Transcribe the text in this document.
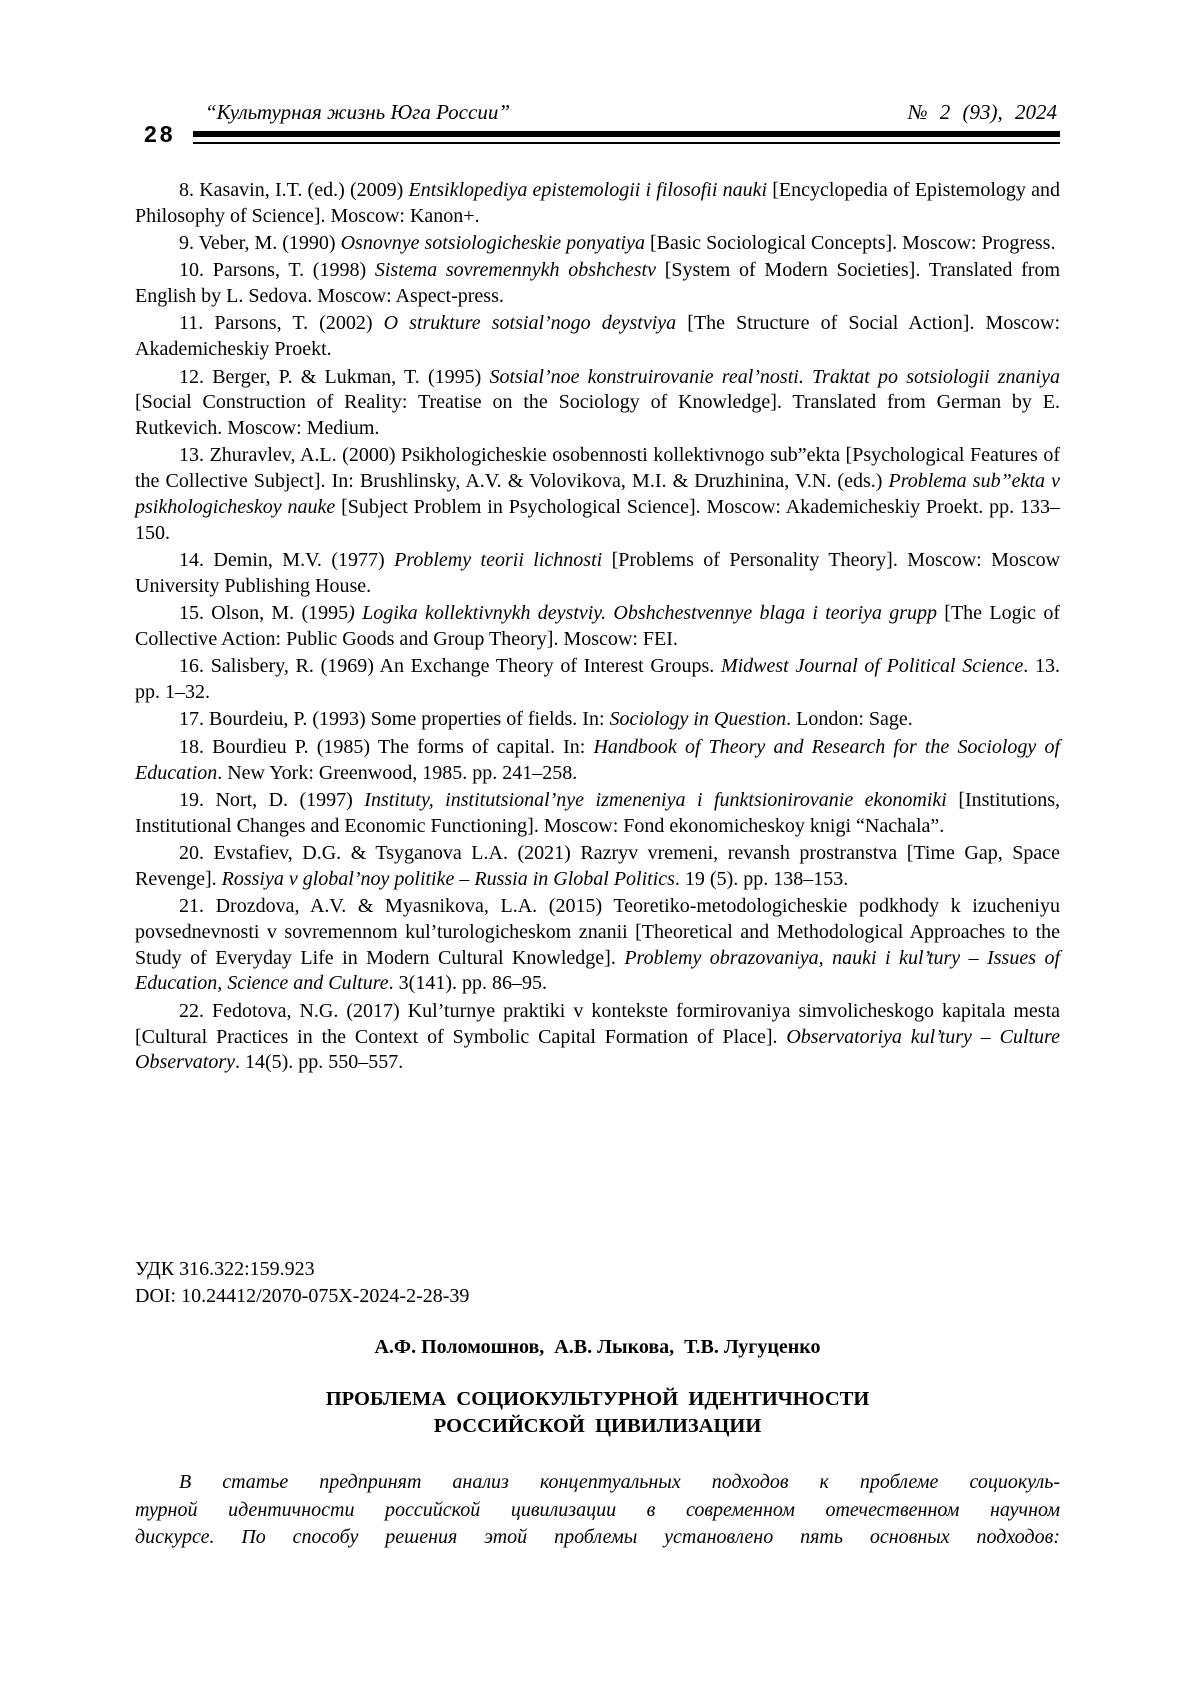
28
“Культурная жизнь Юга России”	№ 2 (93), 2024

8. Kasavin, I.T. (ed.) (2009) Entsiklopediya epistemologii i filosofii nauki [Encyclopedia of Epistemology and Philosophy of Science]. Moscow: Kanon+.

9. Veber, M. (1990) Osnovnye sotsiologicheskie ponyatiya [Basic Sociological Concepts]. Moscow: Progress.

10. Parsons, T. (1998) Sistema sovremennykh obshchestv [System of Modern Societies]. Translated from English by L. Sedova. Moscow: Aspect-press.

11. Parsons, T. (2002) O strukture sotsial’nogo deystviya [The Structure of Social Action]. Moscow: Akademicheskiy Proekt.

12. Berger, P. & Lukman, T. (1995) Sotsial’noe konstruirovanie real’nosti. Traktat po sotsiologii znaniya [Social Construction of Reality: Treatise on the Sociology of Knowledge]. Translated from German by E. Rutkevich. Moscow: Medium.

13. Zhuravlev, A.L. (2000) Psikhologicheskie osobennosti kollektivnogo sub”ekta [Psychological Features of the Collective Subject]. In: Brushlinsky, A.V. & Volovikova, M.I. & Druzhinina, V.N. (eds.) Problema sub”ekta v psikhologicheskoy nauke [Subject Problem in Psychological Science]. Moscow: Akademicheskiy Proekt. pp. 133–150.

14. Demin, M.V. (1977) Problemy teorii lichnosti [Problems of Personality Theory]. Moscow: Moscow University Publishing House.

15. Olson, M. (1995) Logika kollektivnykh deystviy. Obshchestvennye blaga i teoriya grupp [The Logic of Collective Action: Public Goods and Group Theory]. Moscow: FEI.

16. Salisbery, R. (1969) An Exchange Theory of Interest Groups. Midwest Journal of Political Science. 13. pp. 1–32.

17. Bourdeiu, P. (1993) Some properties of fields. In: Sociology in Question. London: Sage.

18. Bourdieu P. (1985) The forms of capital. In: Handbook of Theory and Research for the Sociology of Education. New York: Greenwood, 1985. pp. 241–258.

19. Nort, D. (1997) Instituty, institutsional’nye izmeneniya i funktsionirovanie ekonomiki [Institutions, Institutional Changes and Economic Functioning]. Moscow: Fond ekonomicheskoy knigi “Nachala”.

20. Evstafiev, D.G. & Tsyganova L.A. (2021) Razryv vremeni, revansh prostranstva [Time Gap, Space Revenge]. Rossiya v global’noy politike – Russia in Global Politics. 19 (5). pp. 138–153.

21. Drozdova, A.V. & Myasnikova, L.A. (2015) Teoretiko-metodologicheskie podkhody k izucheniyu povsednevnosti v sovremennom kul’turologicheskom znanii [Theoretical and Methodological Approaches to the Study of Everyday Life in Modern Cultural Knowledge]. Problemy obrazovaniya, nauki i kul’tury – Issues of Education, Science and Culture. 3(141). pp. 86–95.

22. Fedotova, N.G. (2017) Kul’turnye praktiki v kontekste formirovaniya simvolicheskogo kapitala mesta [Cultural Practices in the Context of Symbolic Capital Formation of Place]. Observatoriya kul’tury – Culture Observatory. 14(5). pp. 550–557.

УДК 316.322:159.923
DOI: 10.24412/2070-075X-2024-2-28-39
А.Ф. Поломошнов,  А.В. Лыкова,  Т.В. Лугуценко
ПРОБЛЕМА  СОЦИОКУЛЬТУРНОЙ  ИДЕНТИЧНОСТИ
РОССИЙСКОЙ  ЦИВИЛИЗАЦИИ
В статье предпринят анализ концептуальных подходов к проблеме социокуль-
турной идентичности российской цивилизации в современном отечественном научном
дискурсе. По способу решения этой проблемы установлено пять основных подходов:
